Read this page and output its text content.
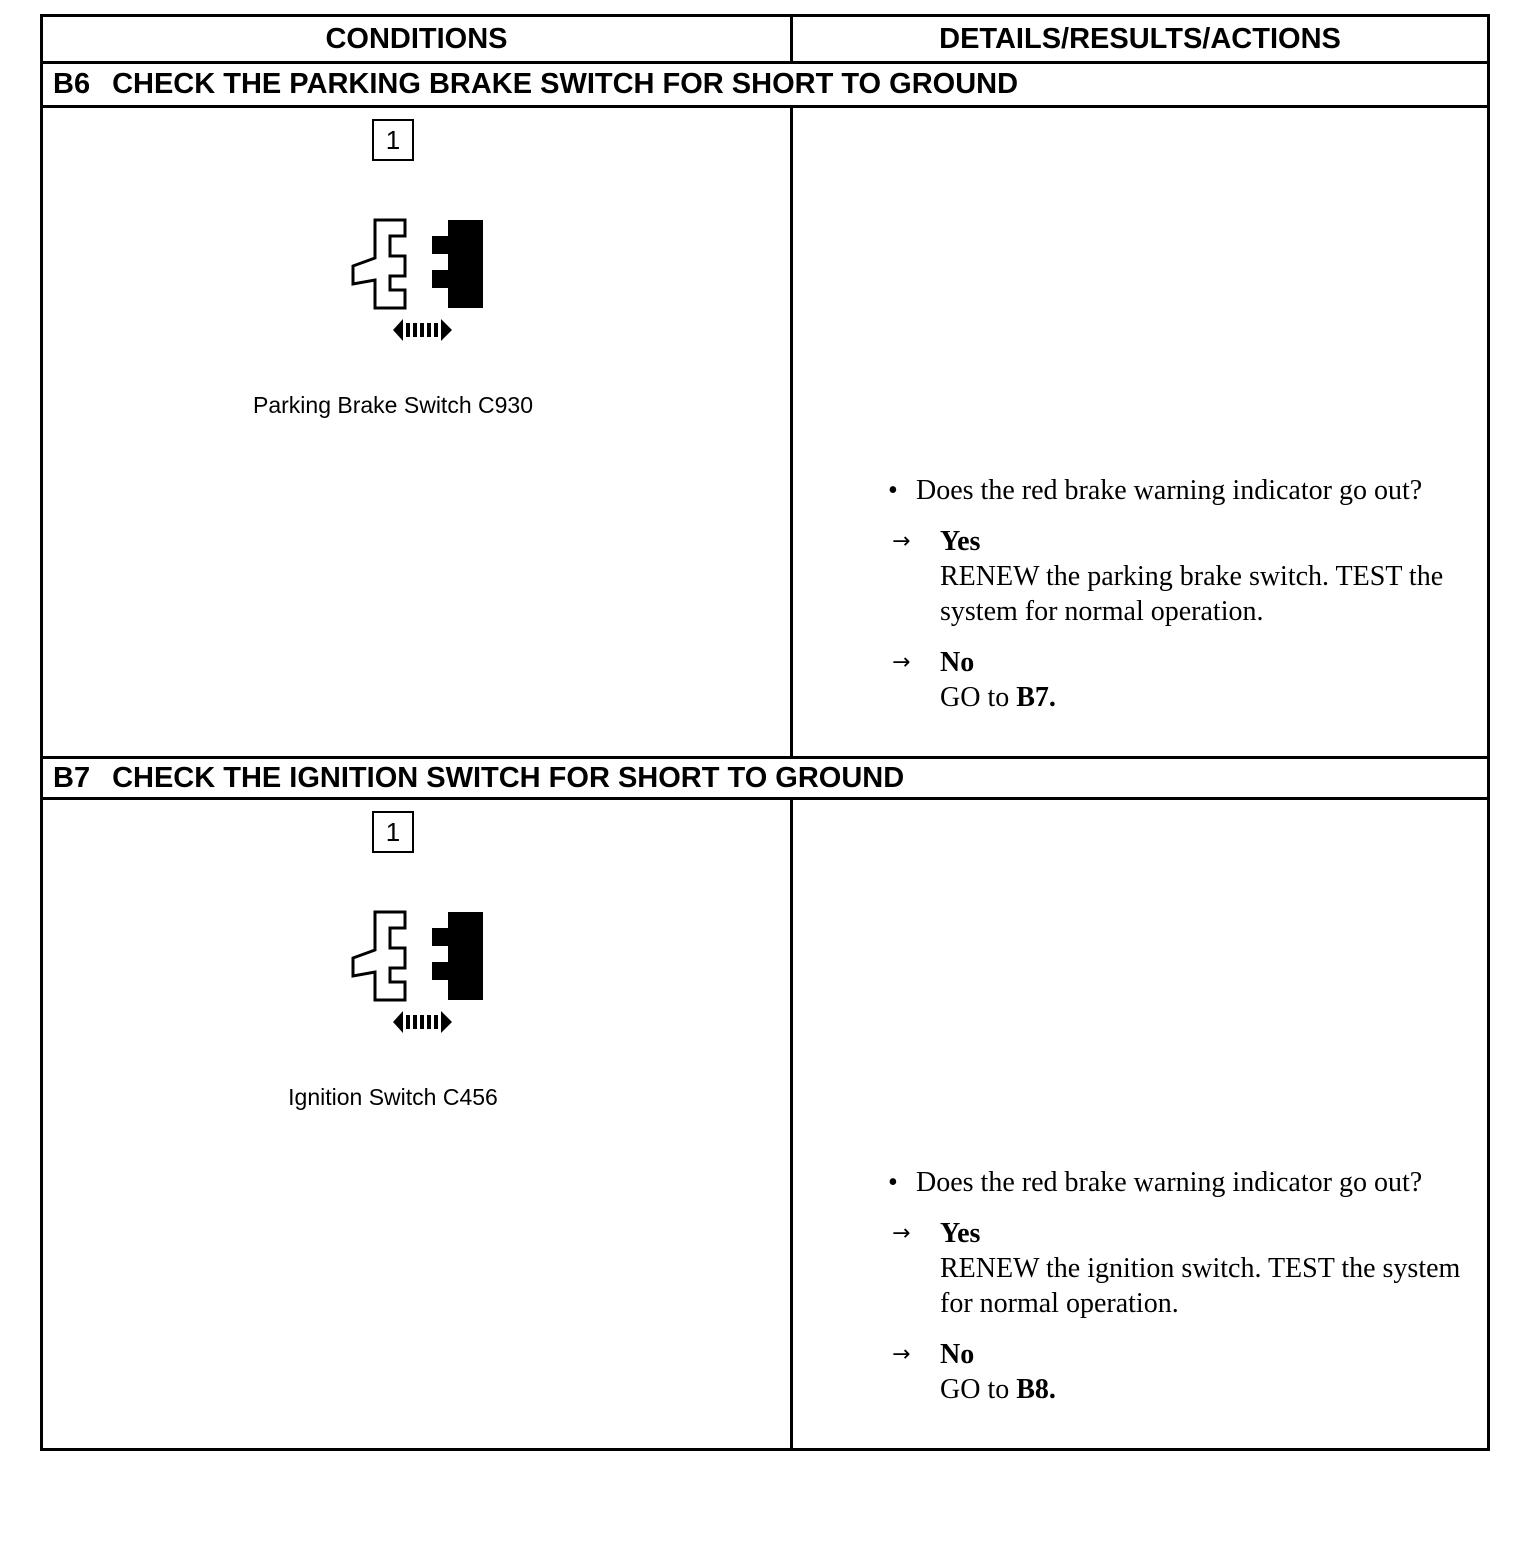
CONDITIONS	DETAILS/RESULTS/ACTIONS
B6 CHECK THE PARKING BRAKE SWITCH FOR SHORT TO GROUND
1
Parking Brake Switch C930
• Does the red brake warning indicator go out?
→ Yes
RENEW the parking brake switch. TEST the system for normal operation.
→ No
GO to B7.
B7 CHECK THE IGNITION SWITCH FOR SHORT TO GROUND
1
Ignition Switch C456
• Does the red brake warning indicator go out?
→ Yes
RENEW the ignition switch. TEST the system for normal operation.
→ No
GO to B8.
